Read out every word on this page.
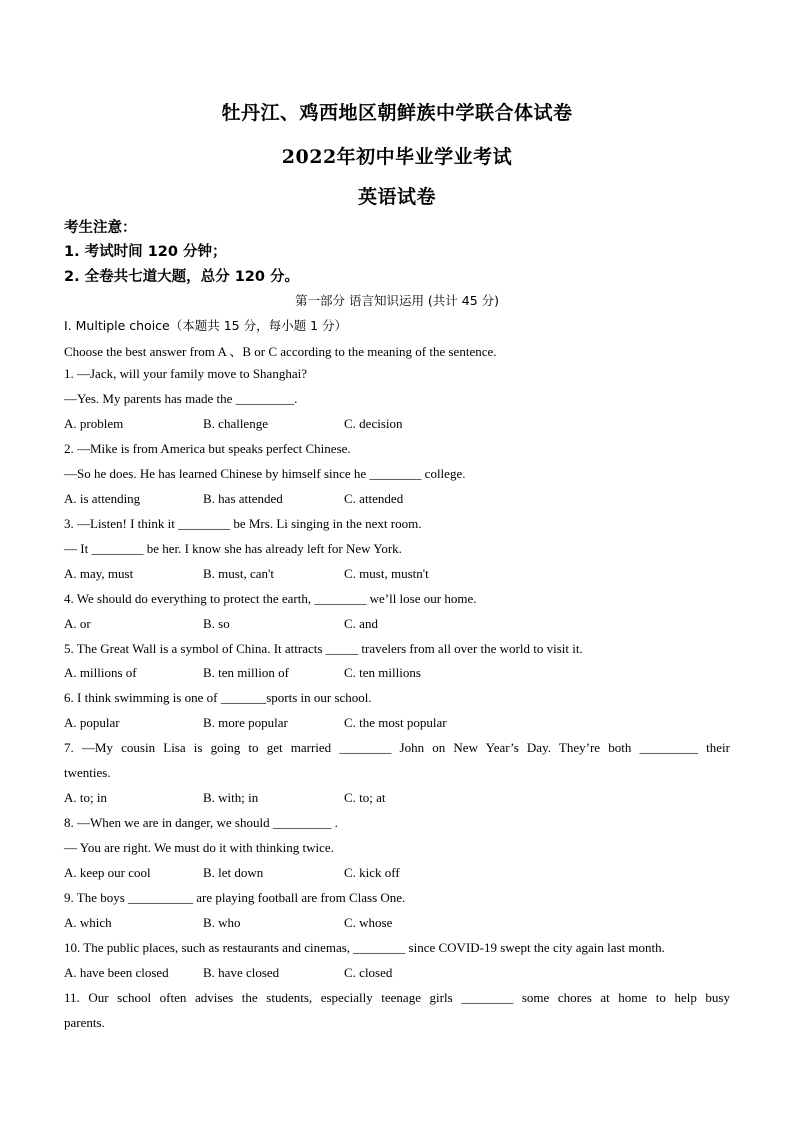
牡丹江、鸡西地区朝鲜族中学联合体试卷
2022年初中毕业学业考试
英语试卷
考生注意：
1. 考试时间 120 分钟；
2. 全卷共七道大题，总分 120 分。
第一部分 语言知识运用 (共计 45 分)
I. Multiple choice（本题共 15 分，每小题 1 分）
Choose the best answer from A 、B or C according to the meaning of the sentence.
1. —Jack, will your family move to Shanghai?
—Yes. My parents has made the _________.
A. problem	B. challenge	C. decision
2. —Mike is from America but speaks perfect Chinese.
—So he does. He has learned Chinese by himself since he ________ college.
A. is attending	B. has attended	C. attended
3. —Listen! I think it ________ be Mrs. Li singing in the next room.
— It ________ be her. I know she has already left for New York.
A. may, must	B. must, can't	C. must, mustn't
4. We should do everything to protect the earth, ________ we’ll lose our home.
A. or	B. so	C. and
5. The Great Wall is a symbol of China. It attracts _____ travelers from all over the world to visit it.
A. millions of	B. ten million of	C. ten millions
6. I think swimming is one of _______sports in our school.
A. popular	B. more popular	C. the most popular
7. —My cousin Lisa is going to get married ________ John on New Year’s Day. They’re both _________ their
twenties.
A. to; in	B. with; in	C. to; at
8. —When we are in danger, we should _________ .
— You are right. We must do it with thinking twice.
A. keep our cool	B. let down	C. kick off
9. The boys __________ are playing football are from Class One.
A. which	B. who	C. whose
10. The public places, such as restaurants and cinemas, ________ since COVID-19 swept the city again last month.
A. have been closed	B. have closed	C. closed
11. Our school often advises the students, especially teenage girls ________ some chores at home to help busy
parents.
